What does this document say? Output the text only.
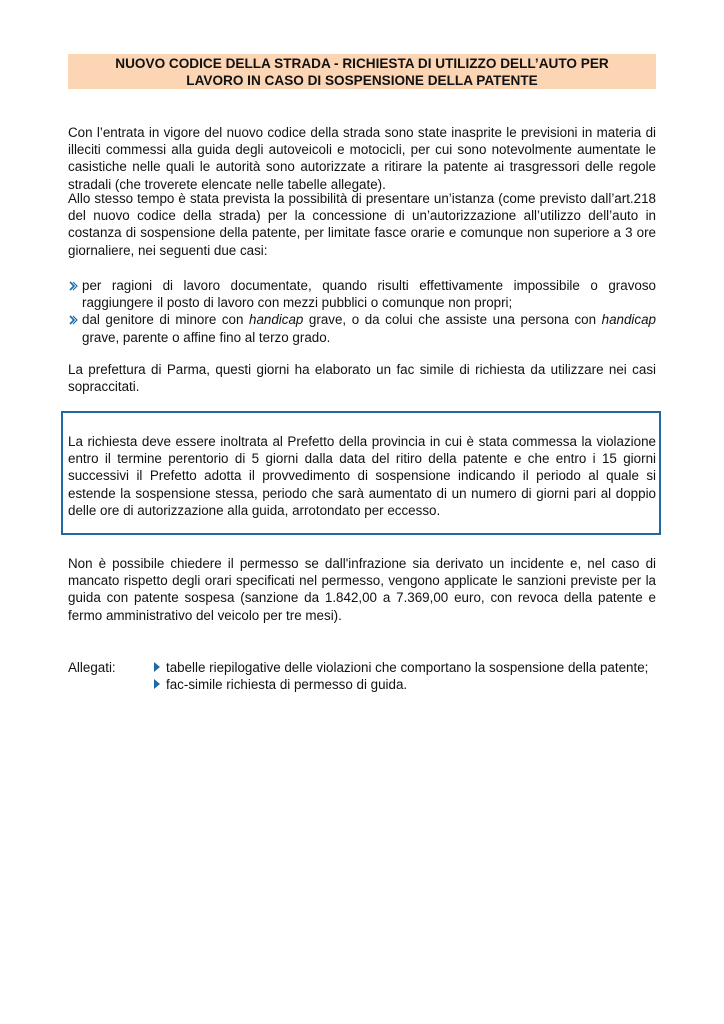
NUOVO CODICE DELLA STRADA - RICHIESTA DI UTILIZZO DELL’AUTO PER
LAVORO IN CASO DI SOSPENSIONE DELLA PATENTE
Con l’entrata in vigore del nuovo codice della strada sono state inasprite le previsioni in materia di illeciti commessi alla guida degli autoveicoli e motocicli, per cui sono notevolmente aumentate le casistiche nelle quali le autorità sono autorizzate a ritirare la patente ai trasgressori delle regole stradali (che troverete elencate nelle tabelle allegate).
Allo stesso tempo è stata prevista la possibilità di presentare un’istanza (come previsto dall’art.218 del nuovo codice della strada) per la concessione di un’autorizzazione all’utilizzo dell’auto in costanza di sospensione della patente, per limitate fasce orarie e comunque non superiore a 3 ore giornaliere, nei seguenti due casi:
per ragioni di lavoro documentate, quando risulti effettivamente impossibile o gravoso raggiungere il posto di lavoro con mezzi pubblici o comunque non propri;
dal genitore di minore con handicap grave, o da colui che assiste una persona con handicap grave, parente o affine fino al terzo grado.
La prefettura di Parma, questi giorni ha elaborato un fac simile di richiesta da utilizzare nei casi sopraccitati.
La richiesta deve essere inoltrata al Prefetto della provincia in cui è stata commessa la violazione entro il termine perentorio di 5 giorni dalla data del ritiro della patente e che entro i 15 giorni successivi il Prefetto adotta il provvedimento di sospensione indicando il periodo al quale si estende la sospensione stessa, periodo che sarà aumentato di un numero di giorni pari al doppio delle ore di autorizzazione alla guida, arrotondato per eccesso.
Non è possibile chiedere il permesso se dall'infrazione sia derivato un incidente e, nel caso di mancato rispetto degli orari specificati nel permesso, vengono applicate le sanzioni previste per la guida con patente sospesa (sanzione da 1.842,00 a 7.369,00 euro, con revoca della patente e fermo amministrativo del veicolo per tre mesi).
Allegati:	tabelle riepilogative delle violazioni che comportano la sospensione della patente;
fac-simile richiesta di permesso di guida.
